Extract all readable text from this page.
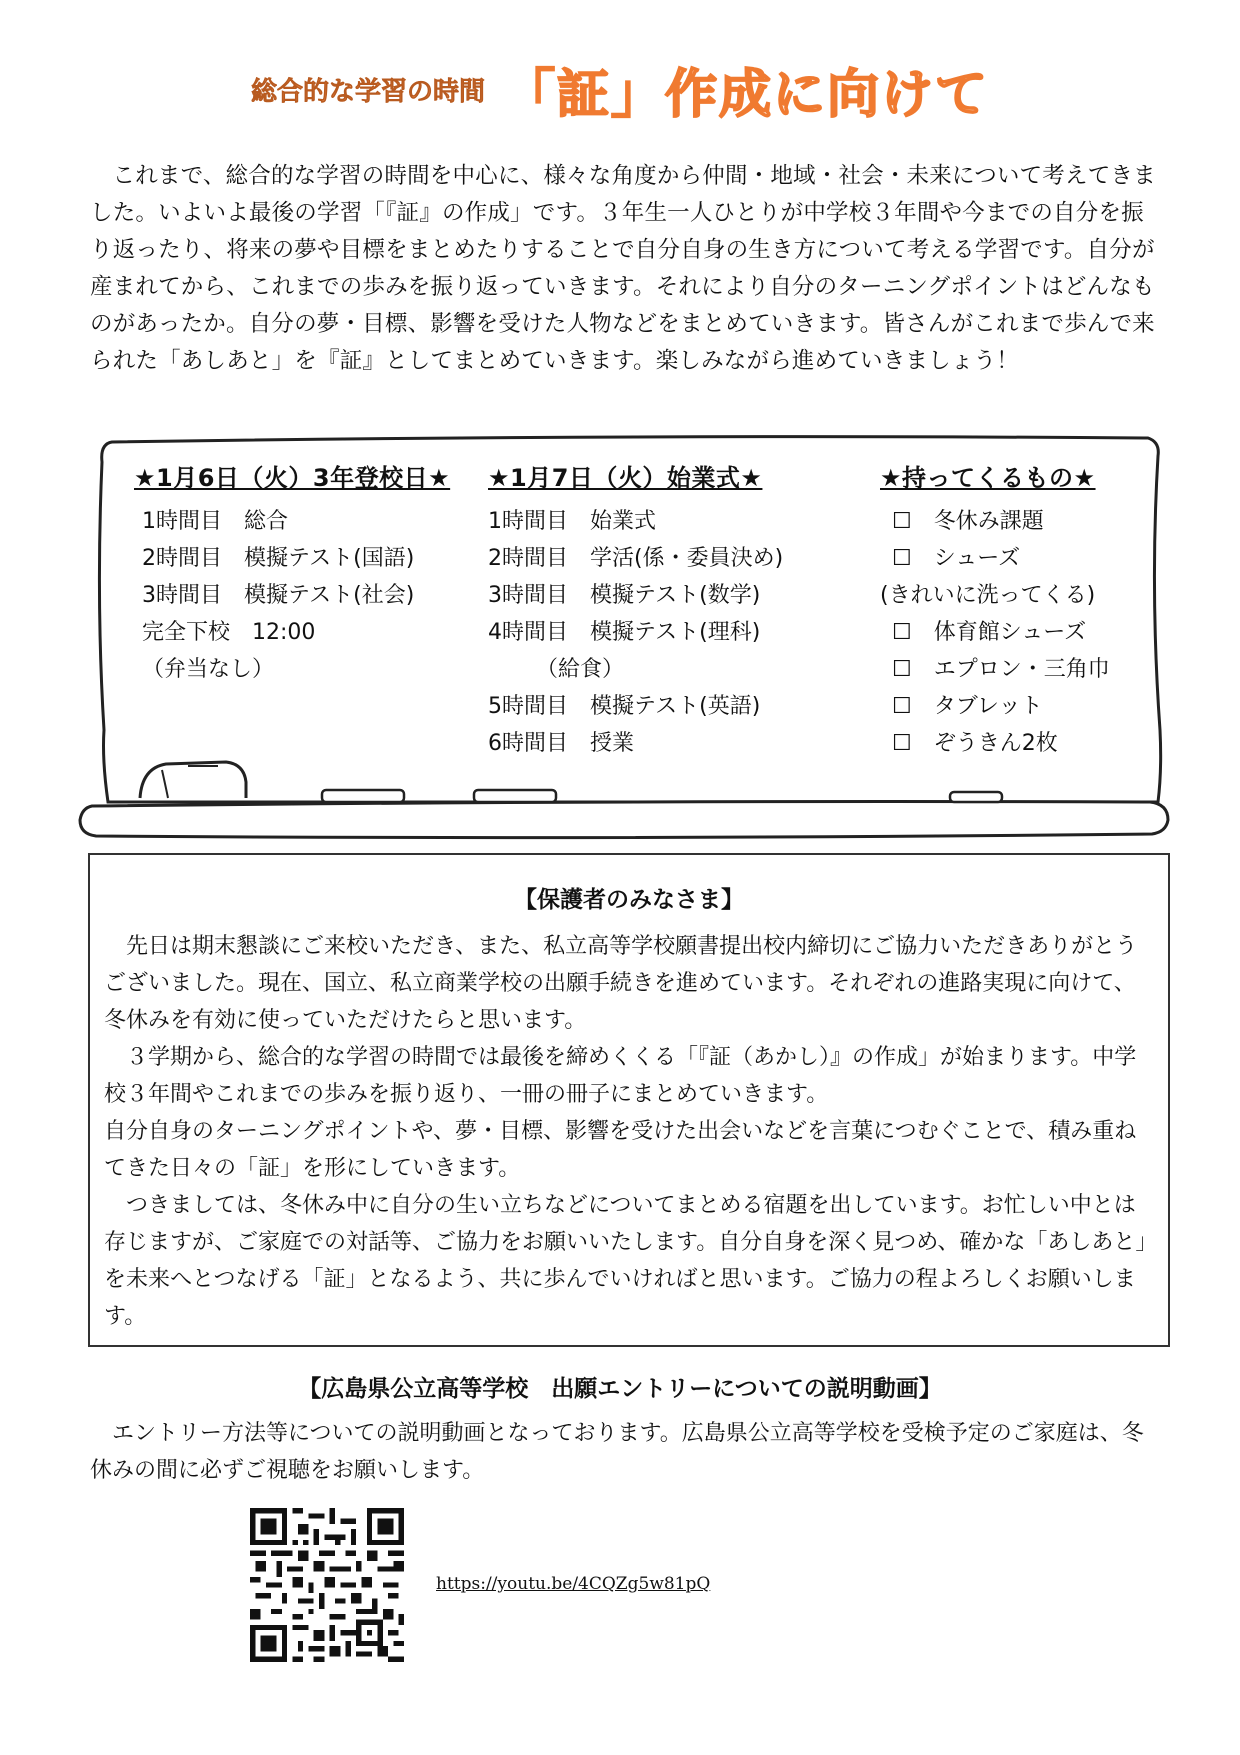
総合的な学習の時間 「証」作成に向けて

これまで、総合的な学習の時間を中心に、様々な角度から仲間・地域・社会・未来について考えてきました。いよいよ最後の学習「『証』の作成」です。３年生一人ひとりが中学校３年間や今までの自分を振り返ったり、将来の夢や目標をまとめたりすることで自分自身の生き方について考える学習です。自分が産まれてから、これまでの歩みを振り返っていきます。それにより自分のターニングポイントはどんなものがあったか。自分の夢・目標、影響を受けた人物などをまとめていきます。皆さんがこれまで歩んで来られた「あしあと」を『証』としてまとめていきます。楽しみながら進めていきましょう！

★1月6日（火）3年登校日★
1時間目　総合
2時間目　模擬テスト(国語)
3時間目　模擬テスト(社会)
完全下校　12:00
（弁当なし）
★1月7日（火）始業式★
1時間目　始業式
2時間目　学活(係・委員決め)
3時間目　模擬テスト(数学)
4時間目　模擬テスト(理科)
（給食）
5時間目　模擬テスト(英語)
6時間目　授業
★持ってくるもの★
☐　冬休み課題
☐　シューズ
(きれいに洗ってくる)
☐　体育館シューズ
☐　エプロン・三角巾
☐　タブレット
☐　ぞうきん2枚
【保護者のみなさま】

先日は期末懇談にご来校いただき、また、私立高等学校願書提出校内締切にご協力いただきありがとうございました。現在、国立、私立商業学校の出願手続きを進めています。それぞれの進路実現に向けて、冬休みを有効に使っていただけたらと思います。

３学期から、総合的な学習の時間では最後を締めくくる「『証（あかし）』の作成」が始まります。中学校３年間やこれまでの歩みを振り返り、一冊の冊子にまとめていきます。

自分自身のターニングポイントや、夢・目標、影響を受けた出会いなどを言葉につむぐことで、積み重ねてきた日々の「証」を形にしていきます。

つきましては、冬休み中に自分の生い立ちなどについてまとめる宿題を出しています。お忙しい中とは存じますが、ご家庭での対話等、ご協力をお願いいたします。自分自身を深く見つめ、確かな「あしあと」を未来へとつなげる「証」となるよう、共に歩んでいければと思います。ご協力の程よろしくお願いします。

【広島県公立高等学校　出願エントリーについての説明動画】

エントリー方法等についての説明動画となっております。広島県公立高等学校を受検予定のご家庭は、冬休みの間に必ずご視聴をお願いします。

https://youtu.be/4CQZg5w81pQ
